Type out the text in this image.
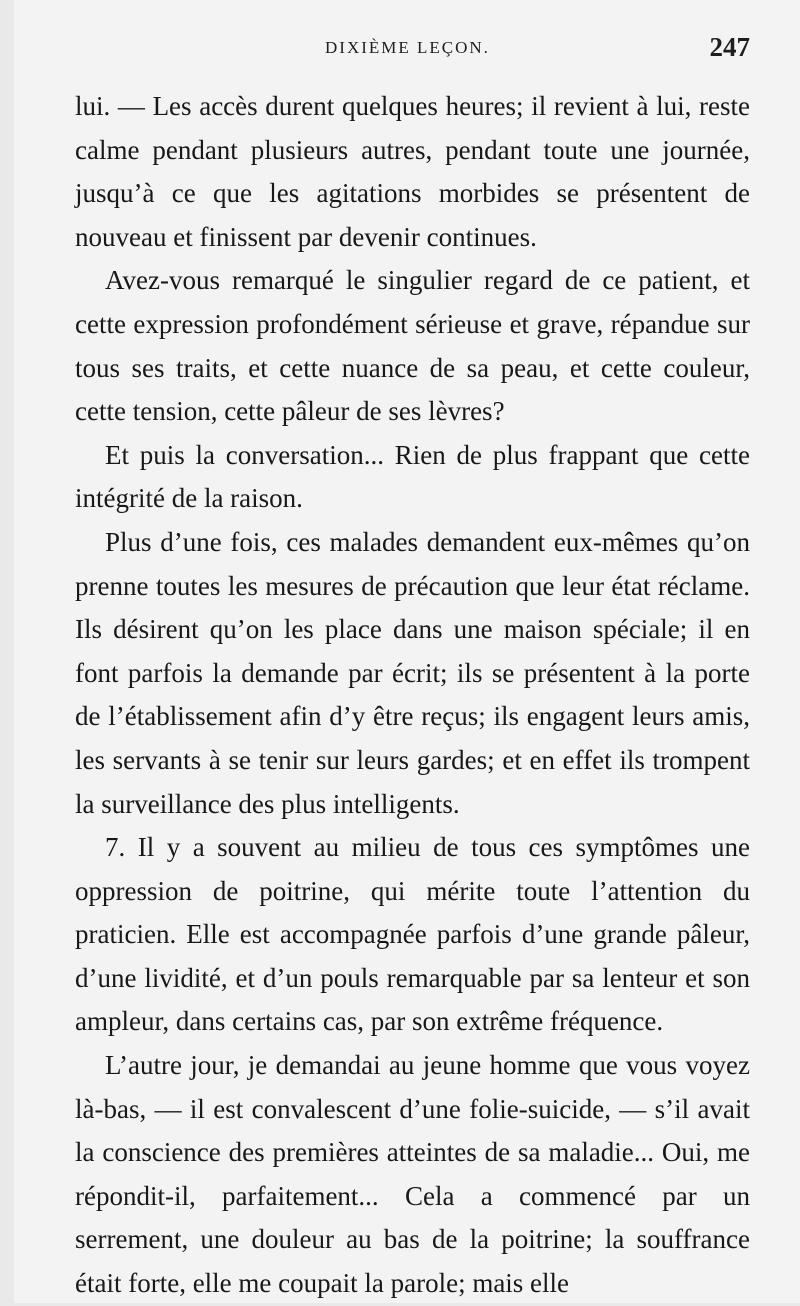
DIXIÈME LEÇON.	247

lui. — Les accès durent quelques heures; il revient à lui, reste calme pendant plusieurs autres, pendant toute une journée, jusqu’à ce que les agitations morbides se présentent de nouveau et finissent par devenir continues.

Avez-vous remarqué le singulier regard de ce patient, et cette expression profondément sérieuse et grave, répandue sur tous ses traits, et cette nuance de sa peau, et cette couleur, cette tension, cette pâleur de ses lèvres?

Et puis la conversation... Rien de plus frappant que cette intégrité de la raison.

Plus d’une fois, ces malades demandent eux-mêmes qu’on prenne toutes les mesures de précaution que leur état réclame. Ils désirent qu’on les place dans une maison spéciale; il en font parfois la demande par écrit; ils se présentent à la porte de l’établissement afin d’y être reçus; ils engagent leurs amis, les servants à se tenir sur leurs gardes; et en effet ils trompent la surveillance des plus intelligents.

7. Il y a souvent au milieu de tous ces symptômes une oppression de poitrine, qui mérite toute l’attention du praticien. Elle est accompagnée parfois d’une grande pâleur, d’une lividité, et d’un pouls remarquable par sa lenteur et son ampleur, dans certains cas, par son extrême fréquence.

L’autre jour, je demandai au jeune homme que vous voyez là-bas, — il est convalescent d’une folie-suicide, — s’il avait la conscience des premières atteintes de sa maladie... Oui, me répondit-il, parfaitement... Cela a commencé par un serrement, une douleur au bas de la poitrine; la souffrance était forte, elle me coupait la parole; mais elle
